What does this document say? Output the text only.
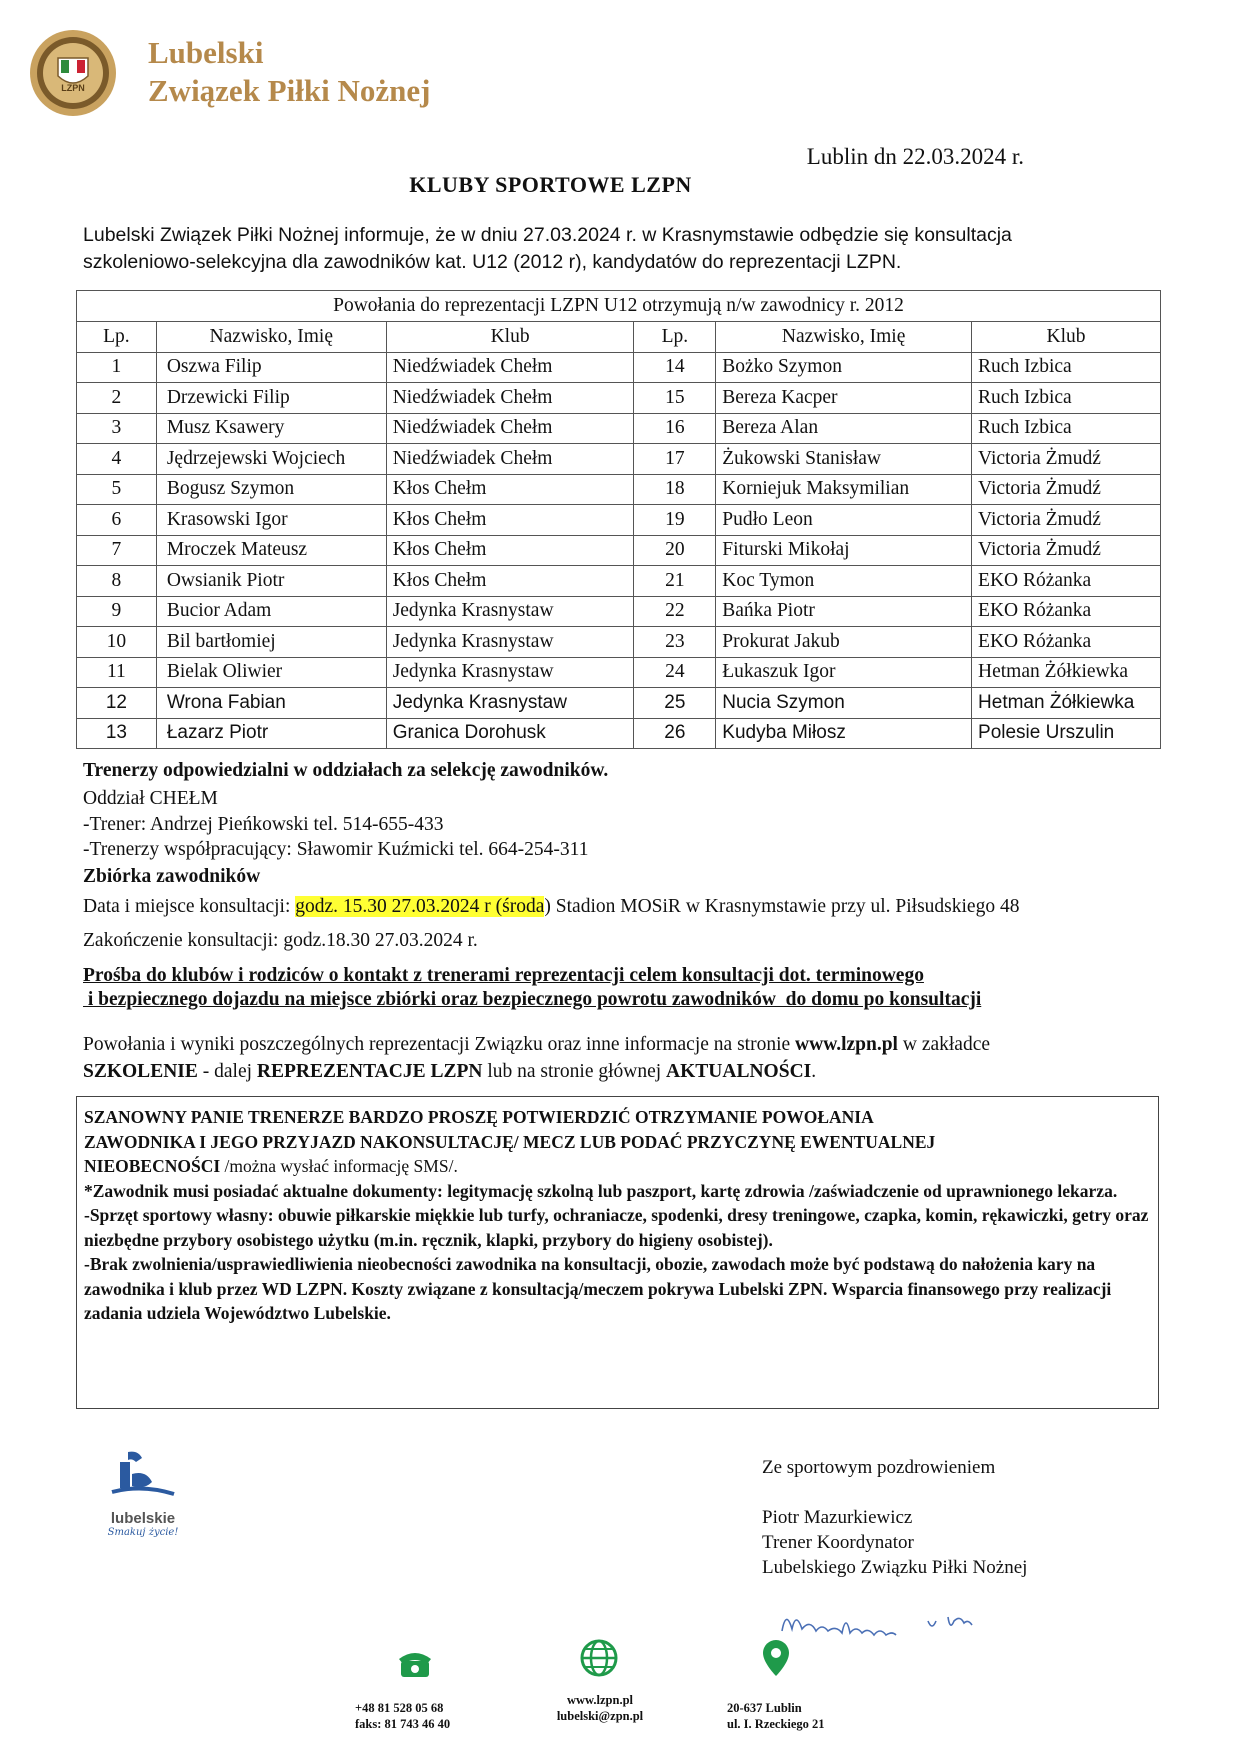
LZPN
Lubelski
Związek Piłki Nożnej
Lublin dn 22.03.2024 r.
KLUBY SPORTOWE LZPN
Lubelski Związek Piłki Nożnej informuje, że w dniu 27.03.2024 r. w Krasnymstawie odbędzie się konsultacja
szkoleniowo-selekcyjna dla zawodników kat. U12 (2012 r), kandydatów do reprezentacji LZPN.
Powołania do reprezentacji LZPN U12 otrzymują n/w zawodnicy r. 2012					
Lp.	Nazwisko, Imię	Klub	Lp.	Nazwisko, Imię	Klub
1	Oszwa Filip	Niedźwiadek Chełm	14	Bożko Szymon	Ruch Izbica
2	Drzewicki Filip	Niedźwiadek Chełm	15	Bereza Kacper	Ruch Izbica
3	Musz Ksawery	Niedźwiadek Chełm	16	Bereza Alan	Ruch Izbica
4	Jędrzejewski Wojciech	Niedźwiadek Chełm	17	Żukowski Stanisław	Victoria Żmudź
5	Bogusz Szymon	Kłos Chełm	18	Korniejuk Maksymilian	Victoria Żmudź
6	Krasowski Igor	Kłos Chełm	19	Pudło Leon	Victoria Żmudź
7	Mroczek Mateusz	Kłos Chełm	20	Fiturski Mikołaj	Victoria Żmudź
8	Owsianik Piotr	Kłos Chełm	21	Koc Tymon	EKO Różanka
9	Bucior Adam	Jedynka Krasnystaw	22	Bańka Piotr	EKO Różanka
10	Bil bartłomiej	Jedynka Krasnystaw	23	Prokurat Jakub	EKO Różanka
11	Bielak Oliwier	Jedynka Krasnystaw	24	Łukaszuk Igor	Hetman Żółkiewka
12	Wrona Fabian	Jedynka Krasnystaw	25	Nucia Szymon	Hetman Żółkiewka
13	Łazarz Piotr	Granica Dorohusk	26	Kudyba Miłosz	Polesie Urszulin
Trenerzy odpowiedzialni w oddziałach za selekcję zawodników.
Oddział CHEŁM
-Trener: Andrzej Pieńkowski tel. 514-655-433
-Trenerzy współpracujący: Sławomir Kuźmicki tel. 664-254-311
Zbiórka zawodników
Data i miejsce konsultacji: godz. 15.30 27.03.2024 r (środa) Stadion MOSiR w Krasnymstawie przy ul. Piłsudskiego 48
Zakończenie konsultacji: godz.18.30 27.03.2024 r.
Prośba do klubów i rodziców o kontakt z trenerami reprezentacji celem konsultacji dot. terminowego
i bezpiecznego dojazdu na miejsce zbiórki oraz bezpiecznego powrotu zawodników  do domu po konsultacji
Powołania i wyniki poszczególnych reprezentacji Związku oraz inne informacje na stronie www.lzpn.pl w zakładce
SZKOLENIE - dalej REPREZENTACJE LZPN lub na stronie głównej AKTUALNOŚCI.
SZANOWNY PANIE TRENERZE BARDZO PROSZĘ POTWIERDZIĆ OTRZYMANIE POWOŁANIA
ZAWODNIKA I JEGO PRZYJAZD NAKONSULTACJĘ/ MECZ LUB PODAĆ PRZYCZYNĘ EWENTUALNEJ
NIEOBECNOŚCI /można wysłać informację SMS/.
*Zawodnik musi posiadać aktualne dokumenty: legitymację szkolną lub paszport, kartę zdrowia /zaświadczenie od uprawnionego lekarza.
-Sprzęt sportowy własny: obuwie piłkarskie miękkie lub turfy, ochraniacze, spodenki, dresy treningowe, czapka, komin, rękawiczki, getry oraz niezbędne przybory osobistego użytku (m.in. ręcznik, klapki, przybory do higieny osobistej).
-Brak zwolnienia/usprawiedliwienia nieobecności zawodnika na konsultacji, obozie, zawodach może być podstawą do nałożenia kary na zawodnika i klub przez WD LZPN. Koszty związane z konsultacją/meczem pokrywa Lubelski ZPN. Wsparcia finansowego przy realizacji zadania udziela Województwo Lubelskie.
lubelskie
Smakuj życie!
Ze sportowym pozdrowieniem
Piotr Mazurkiewicz
Trener Koordynator
Lubelskiego Związku Piłki Nożnej
+48 81 528 05 68
faks: 81 743 46 40
www.lzpn.pl
lubelski@zpn.pl
20-637 Lublin
ul. I. Rzeckiego 21
